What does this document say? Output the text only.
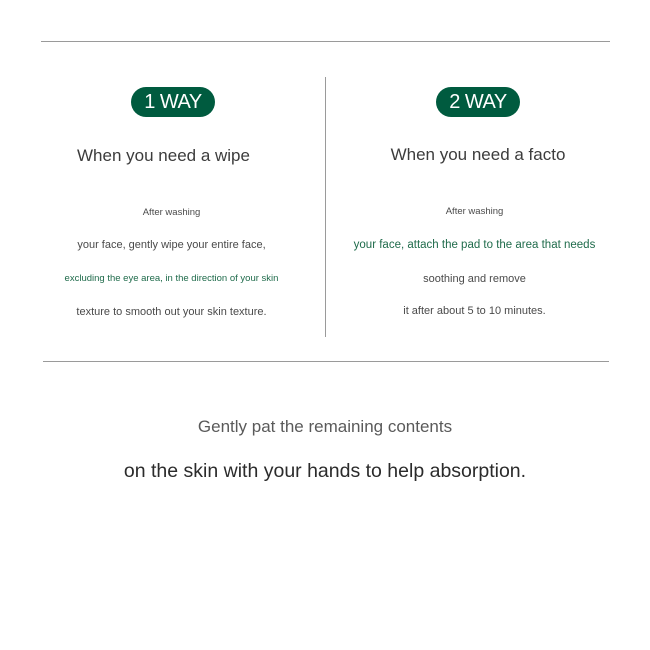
1 WAY
When you need a wipe
After washing
your face, gently wipe your entire face,
excluding the eye area, in the direction of your skin
texture to smooth out your skin texture.
2 WAY
When you need a facto
After washing
your face, attach the pad to the area that needs
soothing and remove
it after about 5 to 10 minutes.
Gently pat the remaining contents
on the skin with your hands to help absorption.
